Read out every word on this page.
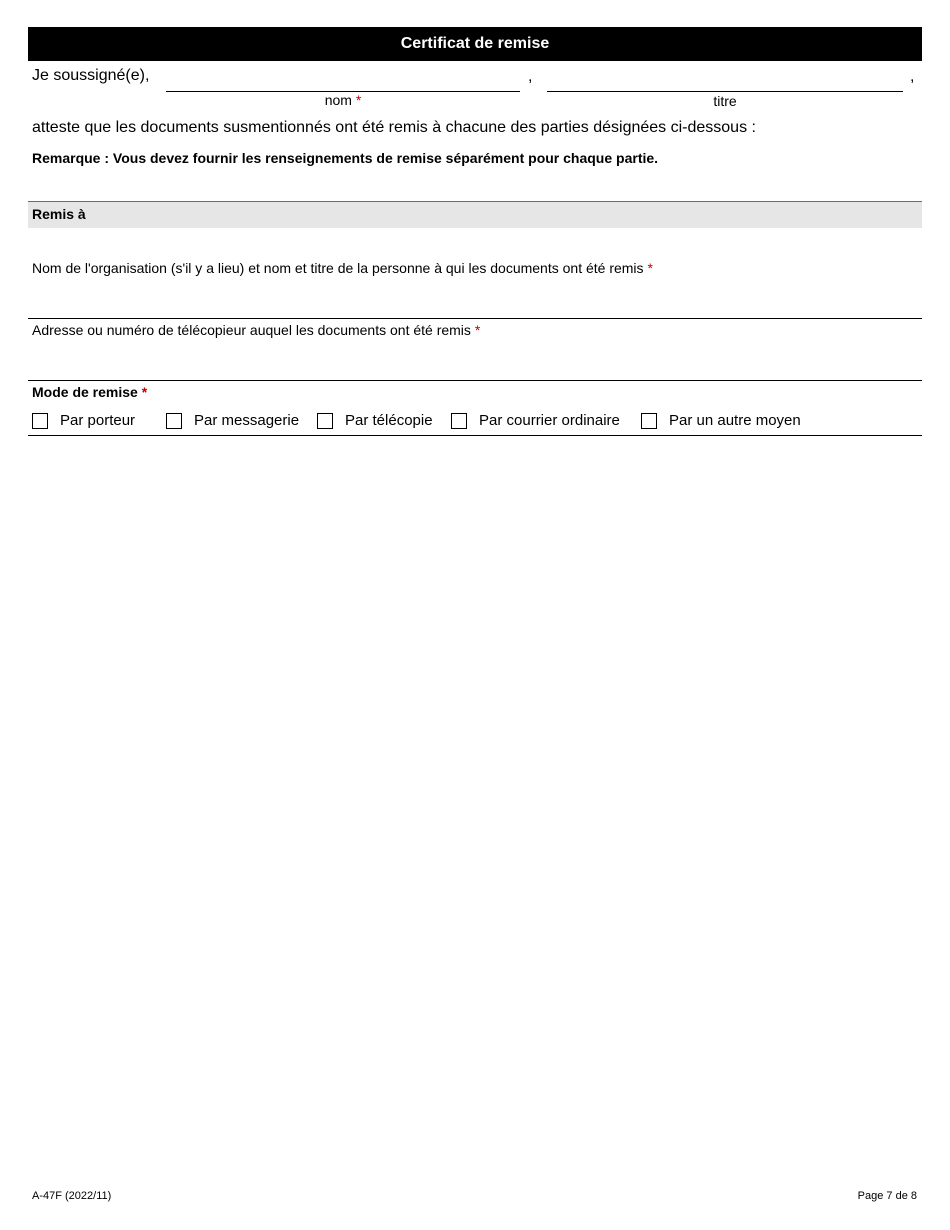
Certificat de remise
Je soussigné(e),	,	,
nom *	titre
atteste que les documents susmentionnés ont été remis à chacune des parties désignées ci-dessous :
Remarque : Vous devez fournir les renseignements de remise séparément pour chaque partie.
Remis à
Nom de l'organisation (s'il y a lieu) et nom et titre de la personne à qui les documents ont été remis *
Adresse ou numéro de télécopieur auquel les documents ont été remis *
Mode de remise *
Par porteur	Par messagerie	Par télécopie	Par courrier ordinaire	Par un autre moyen
A-47F (2022/11)	Page 7 de 8
